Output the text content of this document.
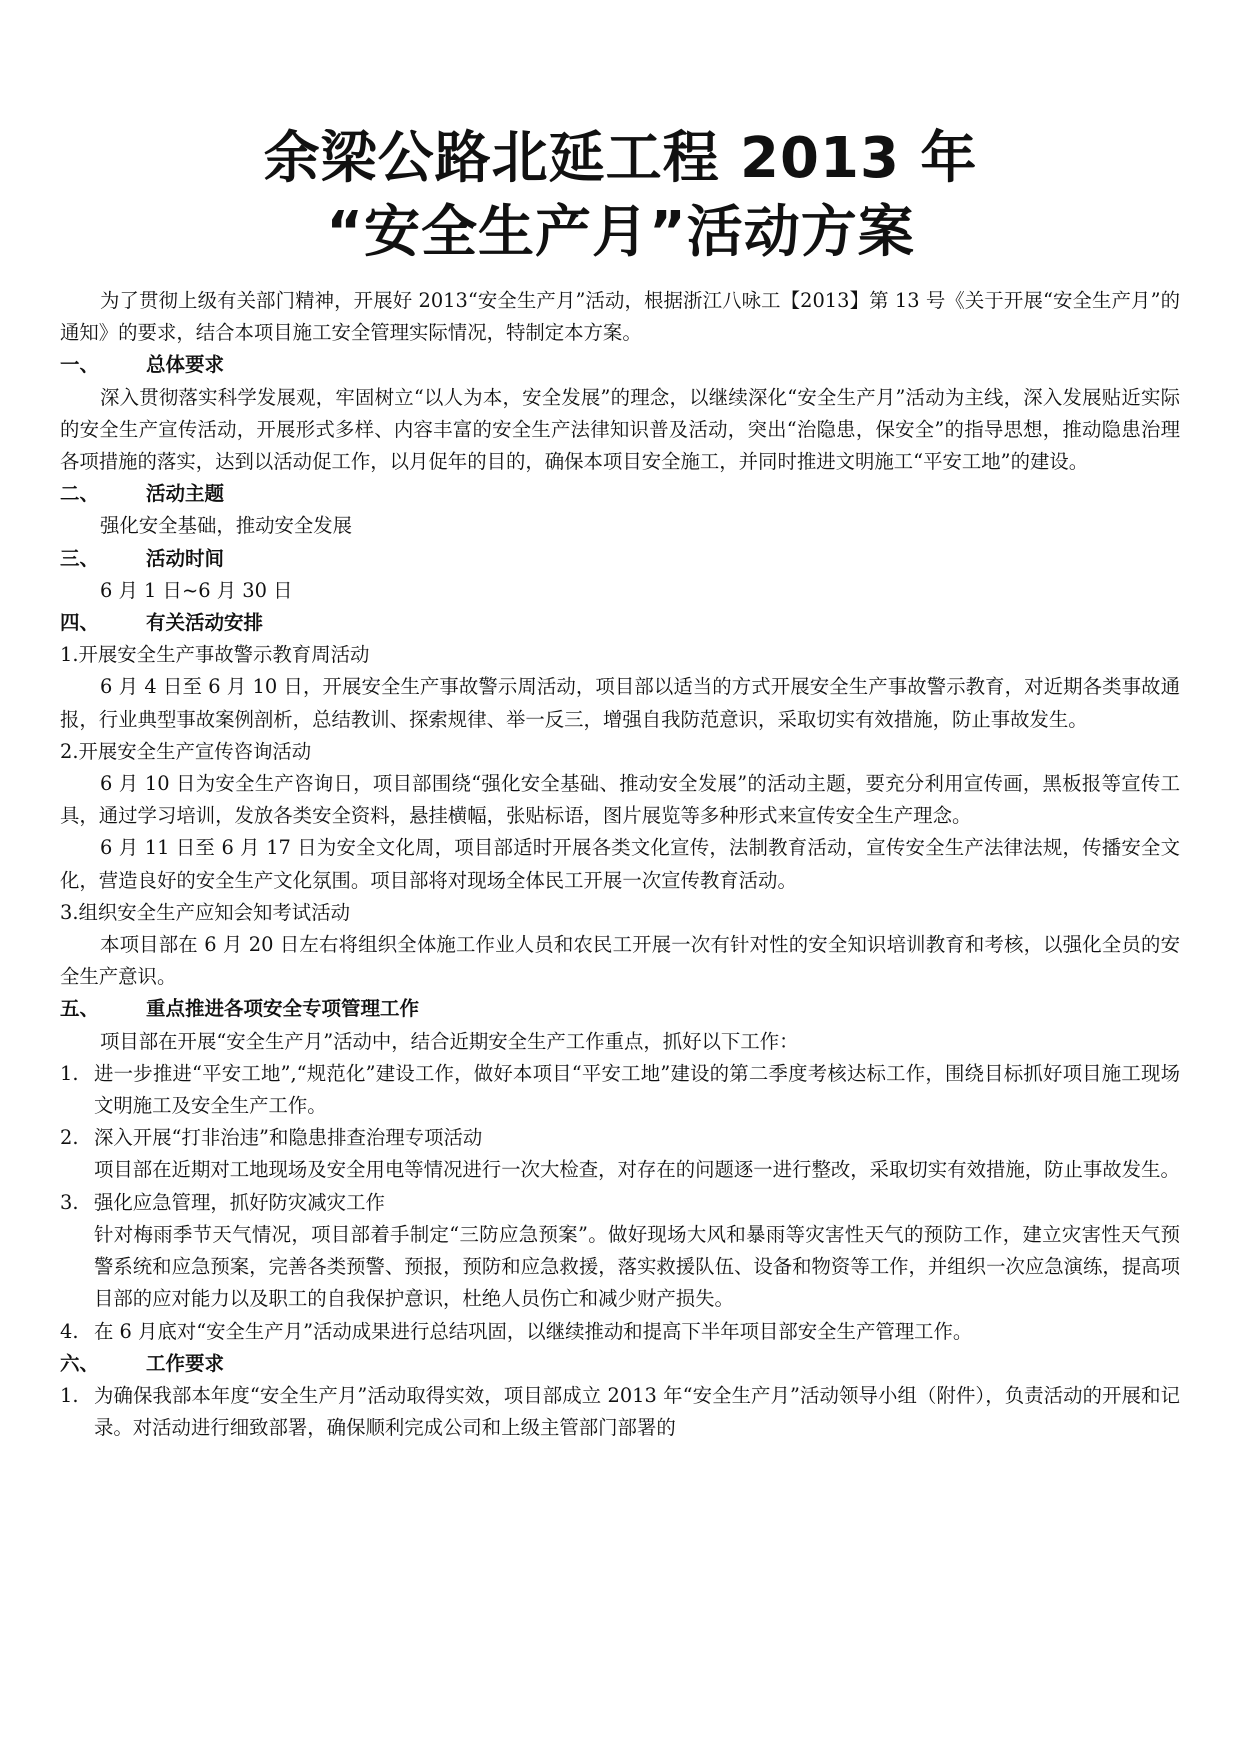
余梁公路北延工程 2013 年
“安全生产月”活动方案

为了贯彻上级有关部门精神，开展好 2013“安全生产月”活动，根据浙江八咏工【2013】第 13 号《关于开展“安全生产月”的通知》的要求，结合本项目施工安全管理实际情况，特制定本方案。

一、	总体要求

深入贯彻落实科学发展观，牢固树立“以人为本，安全发展”的理念，以继续深化“安全生产月”活动为主线，深入发展贴近实际的安全生产宣传活动，开展形式多样、内容丰富的安全生产法律知识普及活动，突出“治隐患，保安全”的指导思想，推动隐患治理各项措施的落实，达到以活动促工作，以月促年的目的，确保本项目安全施工，并同时推进文明施工“平安工地”的建设。

二、	活动主题

强化安全基础，推动安全发展

三、	活动时间

6 月 1 日~6 月 30 日

四、	有关活动安排

1.开展安全生产事故警示教育周活动

6 月 4 日至 6 月 10 日，开展安全生产事故警示周活动，项目部以适当的方式开展安全生产事故警示教育，对近期各类事故通报，行业典型事故案例剖析，总结教训、探索规律、举一反三，增强自我防范意识，采取切实有效措施，防止事故发生。

2.开展安全生产宣传咨询活动

6 月 10 日为安全生产咨询日，项目部围绕“强化安全基础、推动安全发展”的活动主题，要充分利用宣传画，黑板报等宣传工具，通过学习培训，发放各类安全资料，悬挂横幅，张贴标语，图片展览等多种形式来宣传安全生产理念。

6 月 11 日至 6 月 17 日为安全文化周，项目部适时开展各类文化宣传，法制教育活动，宣传安全生产法律法规，传播安全文化，营造良好的安全生产文化氛围。项目部将对现场全体民工开展一次宣传教育活动。

3.组织安全生产应知会知考试活动

本项目部在 6 月 20 日左右将组织全体施工作业人员和农民工开展一次有针对性的安全知识培训教育和考核，以强化全员的安全生产意识。

五、	重点推进各项安全专项管理工作

项目部在开展“安全生产月”活动中，结合近期安全生产工作重点，抓好以下工作：

1. 进一步推进“平安工地”,“规范化”建设工作，做好本项目“平安工地”建设的第二季度考核达标工作，围绕目标抓好项目施工现场文明施工及安全生产工作。

2. 深入开展“打非治违”和隐患排查治理专项活动

项目部在近期对工地现场及安全用电等情况进行一次大检查，对存在的问题逐一进行整改，采取切实有效措施，防止事故发生。

3. 强化应急管理，抓好防灾减灾工作

针对梅雨季节天气情况，项目部着手制定“三防应急预案”。做好现场大风和暴雨等灾害性天气的预防工作，建立灾害性天气预警系统和应急预案，完善各类预警、预报，预防和应急救援，落实救援队伍、设备和物资等工作，并组织一次应急演练，提高项目部的应对能力以及职工的自我保护意识，杜绝人员伤亡和减少财产损失。

4. 在 6 月底对“安全生产月”活动成果进行总结巩固，以继续推动和提高下半年项目部安全生产管理工作。

六、	工作要求
1. 为确保我部本年度“安全生产月”活动取得实效，项目部成立 2013 年“安全生产月”活动领导小组（附件），负责活动的开展和记录。对活动进行细致部署，确保顺利完成公司和上级主管部门部署的
